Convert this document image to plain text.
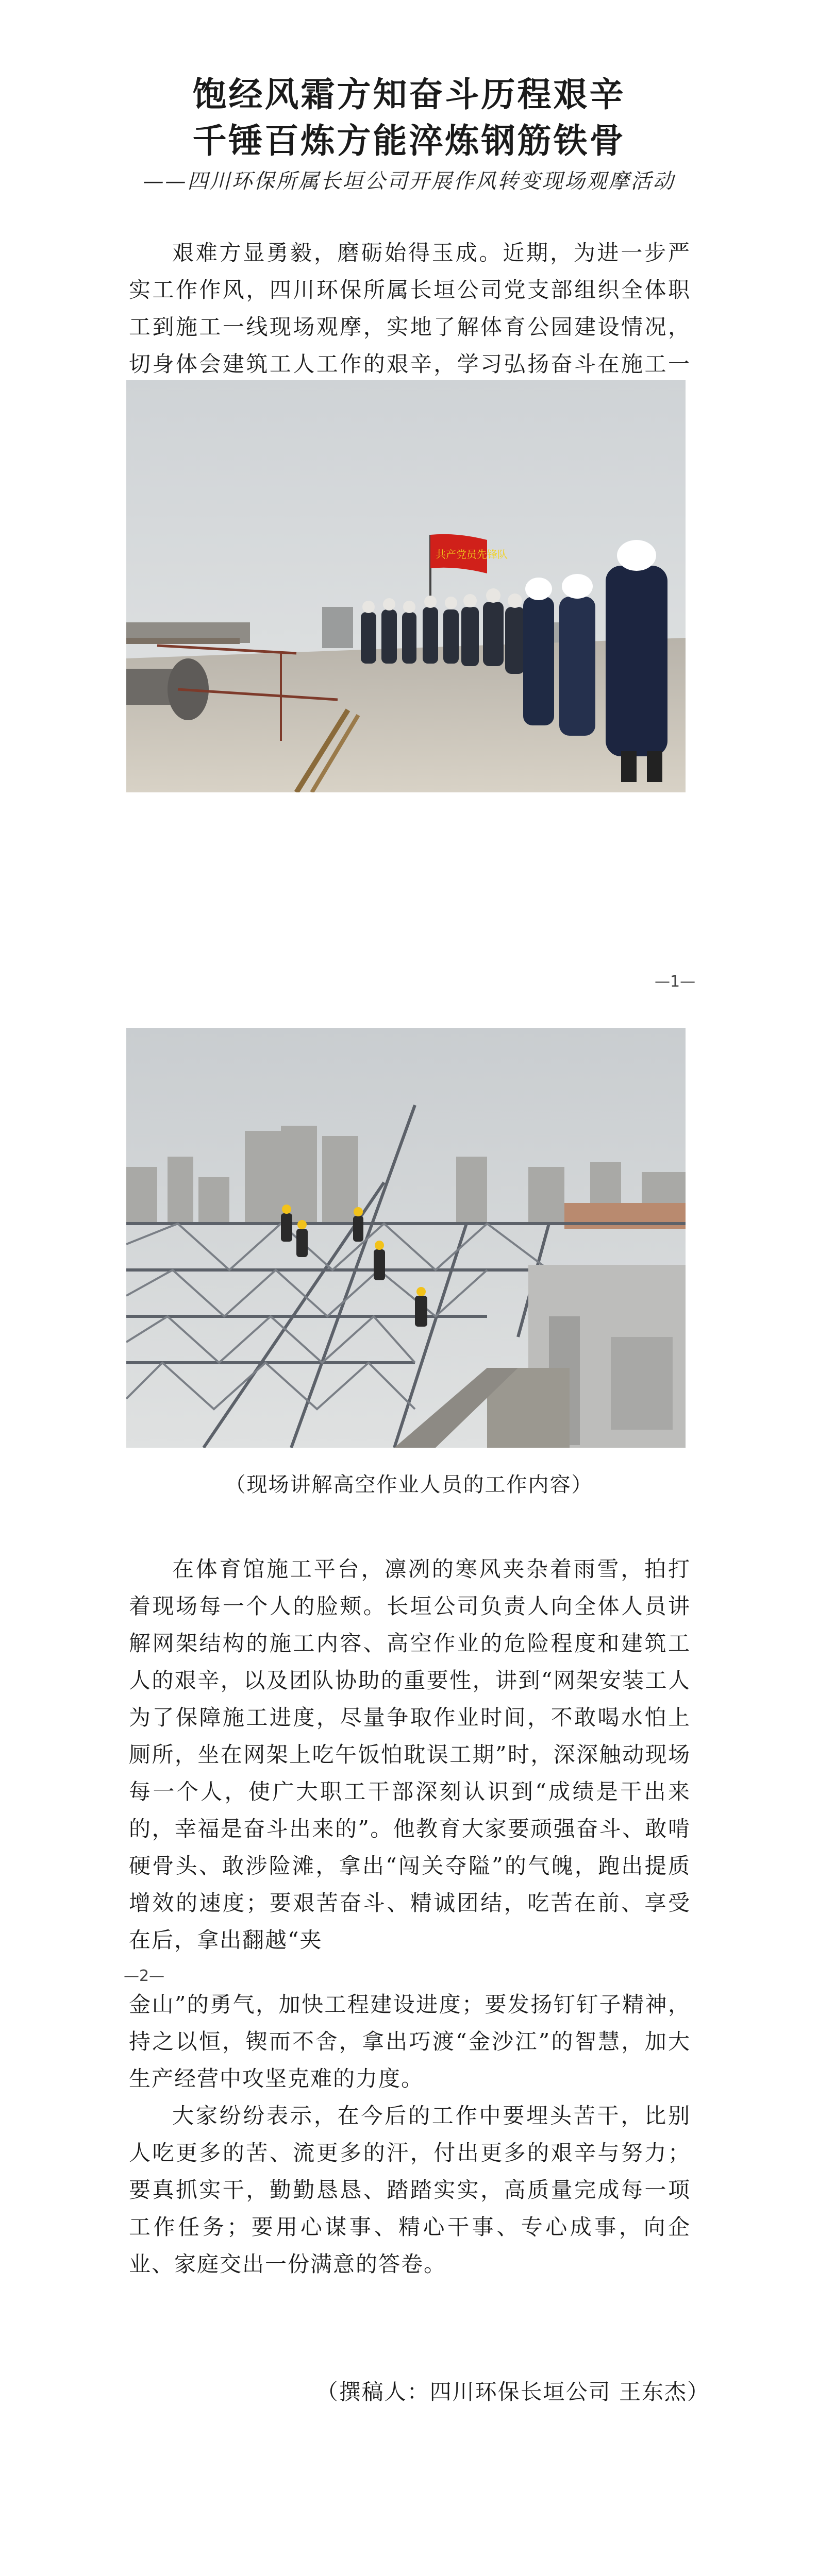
饱经风霜方知奋斗历程艰辛
千锤百炼方能淬炼钢筋铁骨
——四川环保所属长垣公司开展作风转变现场观摩活动

艰难方显勇毅，磨砺始得玉成。近期，为进一步严实工作作风，四川环保所属长垣公司党支部组织全体职工到施工一线现场观摩，实地了解体育公园建设情况，切身体会建筑工人工作的艰辛，学习弘扬奋斗在施工一

共产党员先锋队
—1—
（现场讲解高空作业人员的工作内容）

在体育馆施工平台，凛冽的寒风夹杂着雨雪，拍打着现场每一个人的脸颊。长垣公司负责人向全体人员讲解网架结构的施工内容、高空作业的危险程度和建筑工人的艰辛，以及团队协助的重要性，讲到“网架安装工人为了保障施工进度，尽量争取作业时间，不敢喝水怕上厕所，坐在网架上吃午饭怕耽误工期”时，深深触动现场每一个人，使广大职工干部深刻认识到“成绩是干出来的，幸福是奋斗出来的”。他教育大家要顽强奋斗、敢啃硬骨头、敢涉险滩，拿出“闯关夺隘”的气魄，跑出提质增效的速度；要艰苦奋斗、精诚团结，吃苦在前、享受在后，拿出翻越“夹

—2—

金山”的勇气，加快工程建设进度；要发扬钉钉子精神，持之以恒，锲而不舍，拿出巧渡“金沙江”的智慧，加大生产经营中攻坚克难的力度。

大家纷纷表示，在今后的工作中要埋头苦干，比别人吃更多的苦、流更多的汗，付出更多的艰辛与努力；要真抓实干，勤勤恳恳、踏踏实实，高质量完成每一项工作任务；要用心谋事、精心干事、专心成事，向企业、家庭交出一份满意的答卷。

（撰稿人：四川环保长垣公司 王东杰）
